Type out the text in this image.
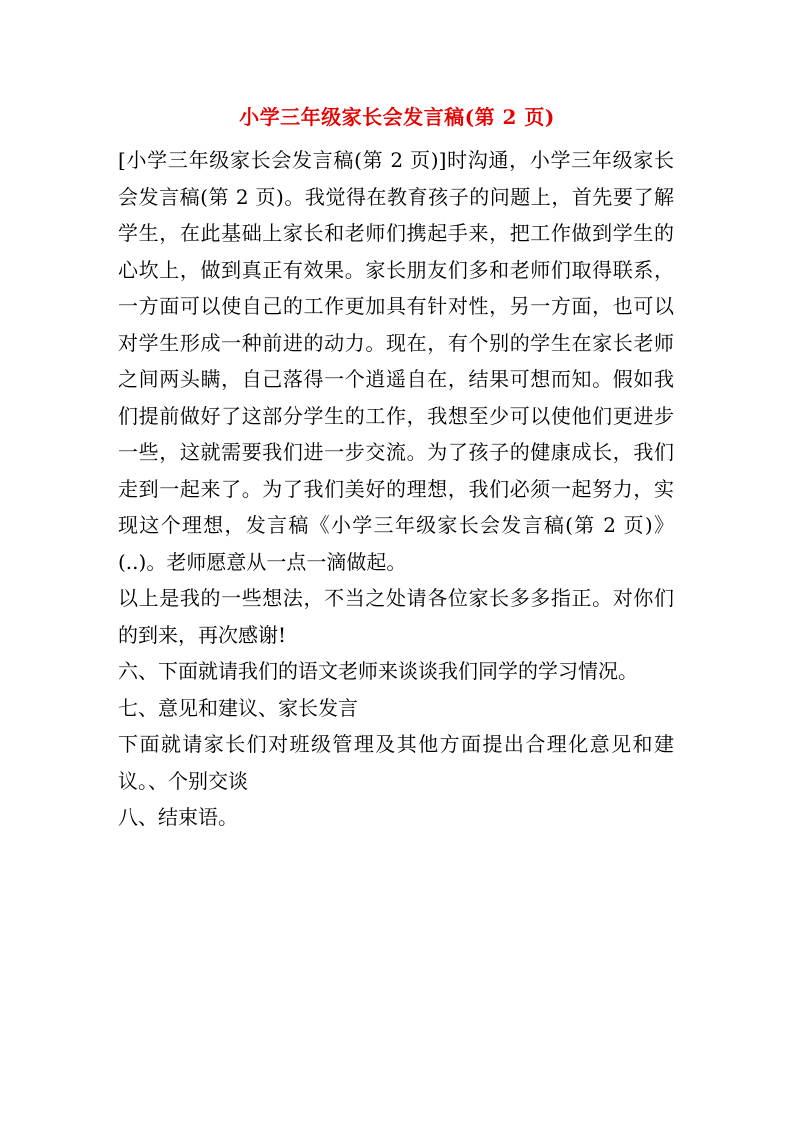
小学三年级家长会发言稿(第 2 页)

[小学三年级家长会发言稿(第 2 页)]时沟通，小学三年级家长会发言稿(第 2 页)。我觉得在教育孩子的问题上，首先要了解学生，在此基础上家长和老师们携起手来，把工作做到学生的心坎上，做到真正有效果。家长朋友们多和老师们取得联系，一方面可以使自己的工作更加具有针对性，另一方面，也可以对学生形成一种前进的动力。现在，有个别的学生在家长老师之间两头瞒，自己落得一个逍遥自在，结果可想而知。假如我们提前做好了这部分学生的工作，我想至少可以使他们更进步一些，这就需要我们进一步交流。为了孩子的健康成长，我们走到一起来了。为了我们美好的理想，我们必须一起努力，实现这个理想，发言稿《小学三年级家长会发言稿(第 2 页)》(..)。老师愿意从一点一滴做起。

以上是我的一些想法，不当之处请各位家长多多指正。对你们的到来，再次感谢!

六、下面就请我们的语文老师来谈谈我们同学的学习情况。

七、意见和建议、家长发言

下面就请家长们对班级管理及其他方面提出合理化意见和建议。、个别交谈

八、结束语。
